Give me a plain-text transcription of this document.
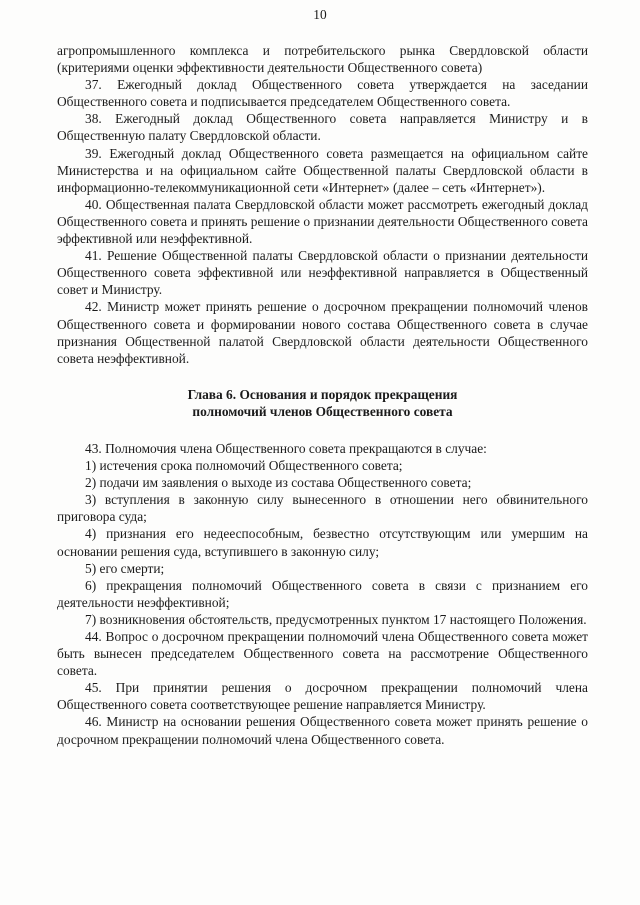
10

агропромышленного комплекса и потребительского рынка Свердловской области (критериями оценки эффективности деятельности Общественного совета)

37. Ежегодный доклад Общественного совета утверждается на заседании Общественного совета и подписывается председателем Общественного совета.

38. Ежегодный доклад Общественного совета направляется Министру и в Общественную палату Свердловской области.

39. Ежегодный доклад Общественного совета размещается на официальном сайте Министерства и на официальном сайте Общественной палаты Свердловской области в информационно-телекоммуникационной сети «Интернет» (далее – сеть «Интернет»).

40. Общественная палата Свердловской области может рассмотреть ежегодный доклад Общественного совета и принять решение о признании деятельности Общественного совета эффективной или неэффективной.

41. Решение Общественной палаты Свердловской области о признании деятельности Общественного совета эффективной или неэффективной направляется в Общественный совет и Министру.

42. Министр может принять решение о досрочном прекращении полномочий членов Общественного совета и формировании нового состава Общественного совета в случае признания Общественной палатой Свердловской области деятельности Общественного совета неэффективной.

Глава 6. Основания и порядок прекращения
полномочий членов Общественного совета

43. Полномочия члена Общественного совета прекращаются в случае:

1) истечения срока полномочий Общественного совета;

2) подачи им заявления о выходе из состава Общественного совета;

3) вступления в законную силу вынесенного в отношении него обвинительного приговора суда;

4) признания его недееспособным, безвестно отсутствующим или умершим на основании решения суда, вступившего в законную силу;

5) его смерти;

6) прекращения полномочий Общественного совета в связи с признанием его деятельности неэффективной;

7) возникновения обстоятельств, предусмотренных пунктом 17 настоящего Положения.

44. Вопрос о досрочном прекращении полномочий члена Общественного совета может быть вынесен председателем Общественного совета на рассмотрение Общественного совета.

45. При принятии решения о досрочном прекращении полномочий члена Общественного совета соответствующее решение направляется Министру.

46. Министр на основании решения Общественного совета может принять решение о досрочном прекращении полномочий члена Общественного совета.
